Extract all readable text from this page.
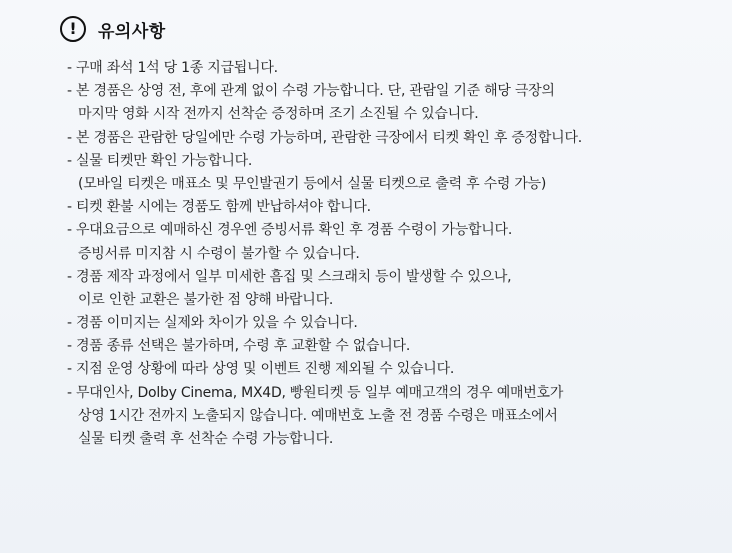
!	유의사항
- 구매 좌석 1석 당 1종 지급됩니다.
- 본 경품은 상영 전, 후에 관계 없이 수령 가능합니다. 단, 관람일 기준 해당 극장의
마지막 영화 시작 전까지 선착순 증정하며 조기 소진될 수 있습니다.
- 본 경품은 관람한 당일에만 수령 가능하며, 관람한 극장에서 티켓 확인 후 증정합니다.
- 실물 티켓만 확인 가능합니다.
(모바일 티켓은 매표소 및 무인발권기 등에서 실물 티켓으로 출력 후 수령 가능)
- 티켓 환불 시에는 경품도 함께 반납하셔야 합니다.
- 우대요금으로 예매하신 경우엔 증빙서류 확인 후 경품 수령이 가능합니다.
증빙서류 미지참 시 수령이 불가할 수 있습니다.
- 경품 제작 과정에서 일부 미세한 흠집 및 스크래치 등이 발생할 수 있으나,
이로 인한 교환은 불가한 점 양해 바랍니다.
- 경품 이미지는 실제와 차이가 있을 수 있습니다.
- 경품 종류 선택은 불가하며, 수령 후 교환할 수 없습니다.
- 지점 운영 상황에 따라 상영 및 이벤트 진행 제외될 수 있습니다.
- 무대인사, Dolby Cinema, MX4D, 빵원티켓 등 일부 예매고객의 경우 예매번호가
상영 1시간 전까지 노출되지 않습니다. 예매번호 노출 전 경품 수령은 매표소에서
실물 티켓 출력 후 선착순 수령 가능합니다.
